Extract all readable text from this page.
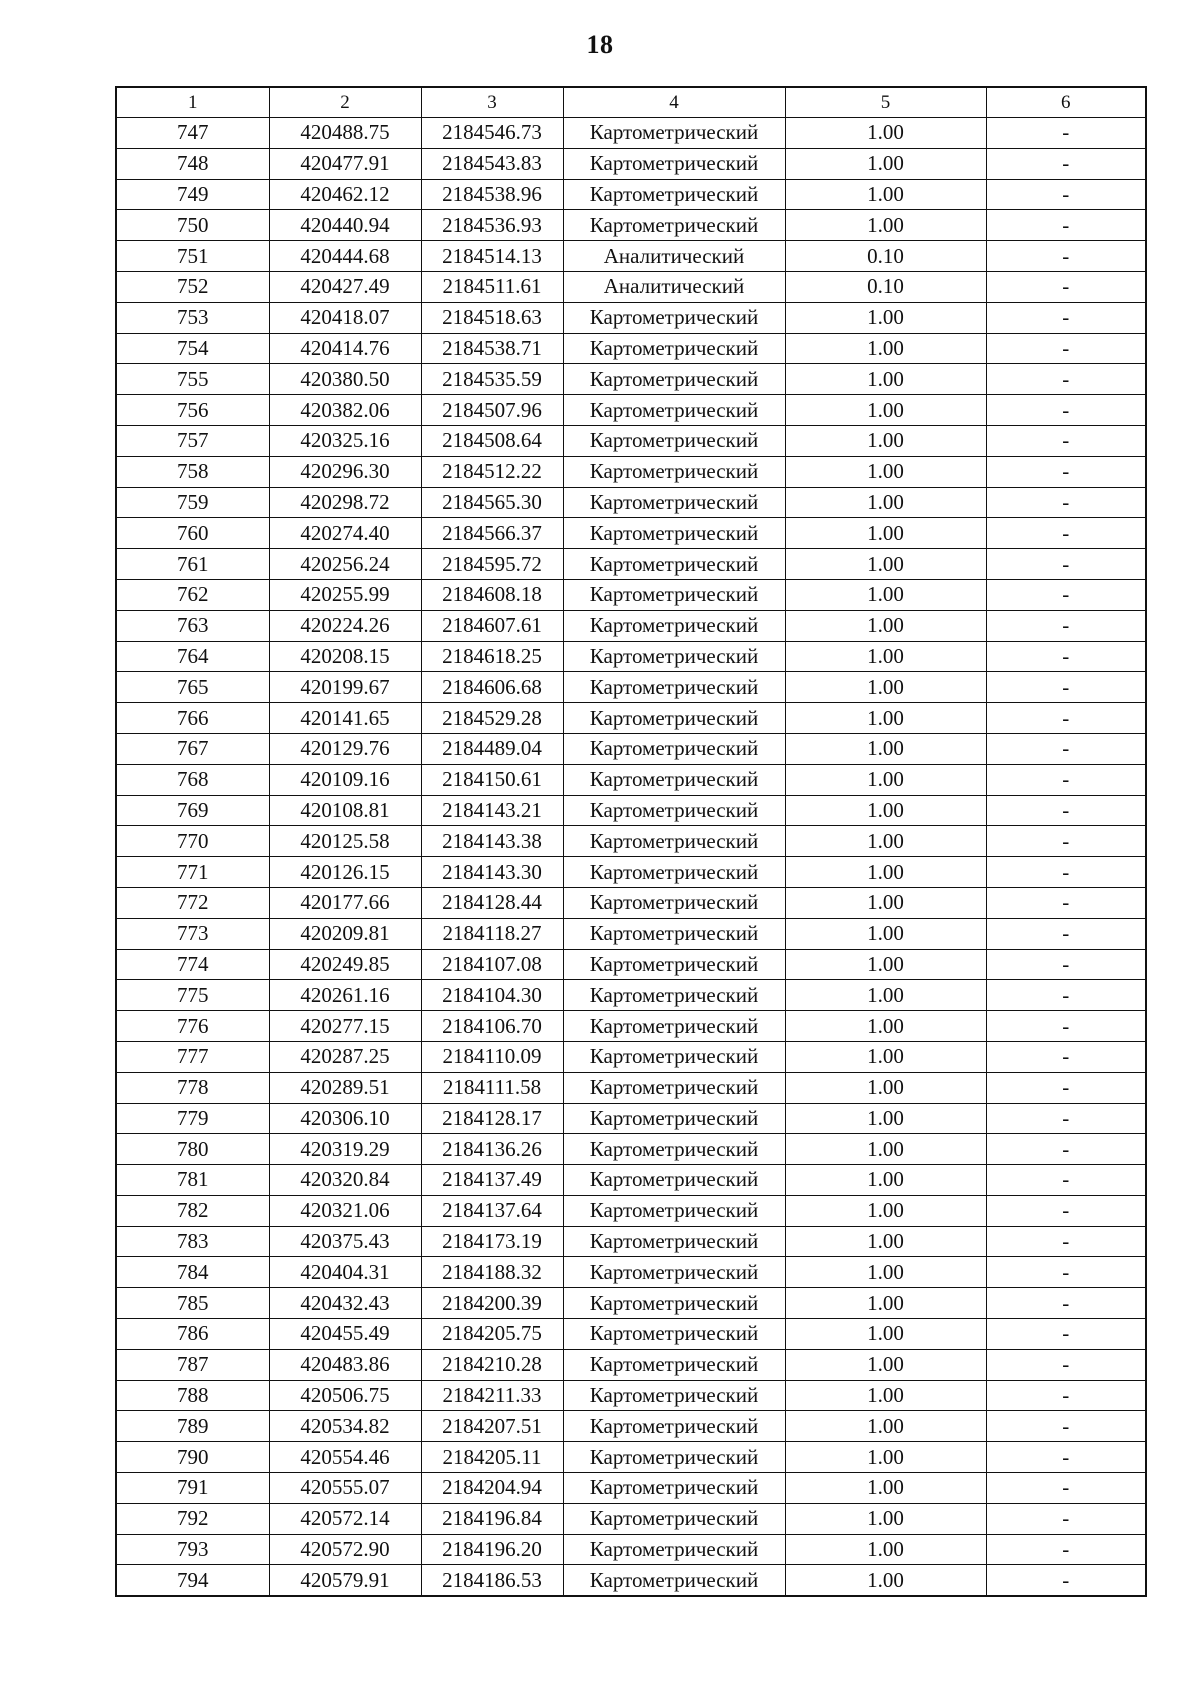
18
1	2	3	4	5	6
747	420488.75	2184546.73	Картометрический	1.00	-
748	420477.91	2184543.83	Картометрический	1.00	-
749	420462.12	2184538.96	Картометрический	1.00	-
750	420440.94	2184536.93	Картометрический	1.00	-
751	420444.68	2184514.13	Аналитический	0.10	-
752	420427.49	2184511.61	Аналитический	0.10	-
753	420418.07	2184518.63	Картометрический	1.00	-
754	420414.76	2184538.71	Картометрический	1.00	-
755	420380.50	2184535.59	Картометрический	1.00	-
756	420382.06	2184507.96	Картометрический	1.00	-
757	420325.16	2184508.64	Картометрический	1.00	-
758	420296.30	2184512.22	Картометрический	1.00	-
759	420298.72	2184565.30	Картометрический	1.00	-
760	420274.40	2184566.37	Картометрический	1.00	-
761	420256.24	2184595.72	Картометрический	1.00	-
762	420255.99	2184608.18	Картометрический	1.00	-
763	420224.26	2184607.61	Картометрический	1.00	-
764	420208.15	2184618.25	Картометрический	1.00	-
765	420199.67	2184606.68	Картометрический	1.00	-
766	420141.65	2184529.28	Картометрический	1.00	-
767	420129.76	2184489.04	Картометрический	1.00	-
768	420109.16	2184150.61	Картометрический	1.00	-
769	420108.81	2184143.21	Картометрический	1.00	-
770	420125.58	2184143.38	Картометрический	1.00	-
771	420126.15	2184143.30	Картометрический	1.00	-
772	420177.66	2184128.44	Картометрический	1.00	-
773	420209.81	2184118.27	Картометрический	1.00	-
774	420249.85	2184107.08	Картометрический	1.00	-
775	420261.16	2184104.30	Картометрический	1.00	-
776	420277.15	2184106.70	Картометрический	1.00	-
777	420287.25	2184110.09	Картометрический	1.00	-
778	420289.51	2184111.58	Картометрический	1.00	-
779	420306.10	2184128.17	Картометрический	1.00	-
780	420319.29	2184136.26	Картометрический	1.00	-
781	420320.84	2184137.49	Картометрический	1.00	-
782	420321.06	2184137.64	Картометрический	1.00	-
783	420375.43	2184173.19	Картометрический	1.00	-
784	420404.31	2184188.32	Картометрический	1.00	-
785	420432.43	2184200.39	Картометрический	1.00	-
786	420455.49	2184205.75	Картометрический	1.00	-
787	420483.86	2184210.28	Картометрический	1.00	-
788	420506.75	2184211.33	Картометрический	1.00	-
789	420534.82	2184207.51	Картометрический	1.00	-
790	420554.46	2184205.11	Картометрический	1.00	-
791	420555.07	2184204.94	Картометрический	1.00	-
792	420572.14	2184196.84	Картометрический	1.00	-
793	420572.90	2184196.20	Картометрический	1.00	-
794	420579.91	2184186.53	Картометрический	1.00	-
